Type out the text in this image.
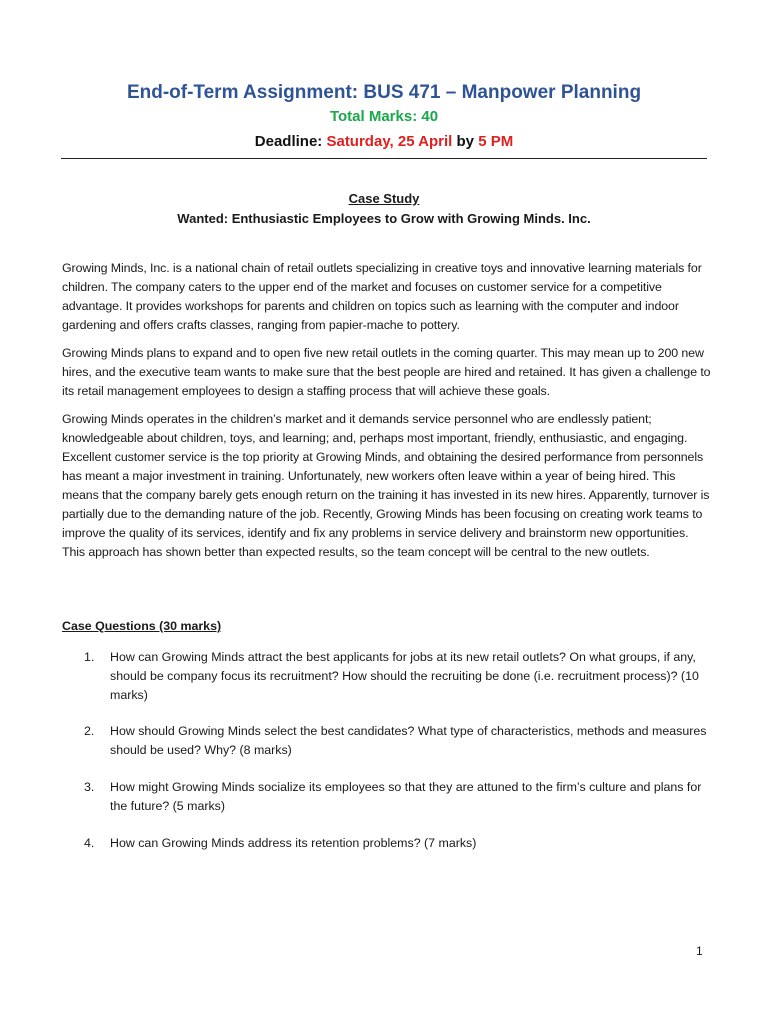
End-of-Term Assignment: BUS 471 – Manpower Planning
Total Marks: 40
Deadline: Saturday, 25 April by 5 PM
Case Study
Wanted: Enthusiastic Employees to Grow with Growing Minds. Inc.
Growing Minds, Inc. is a national chain of retail outlets specializing in creative toys and innovative learning materials for children. The company caters to the upper end of the market and focuses on customer service for a competitive advantage. It provides workshops for parents and children on topics such as learning with the computer and indoor gardening and offers crafts classes, ranging from papier-mache to pottery.
Growing Minds plans to expand and to open five new retail outlets in the coming quarter. This may mean up to 200 new hires, and the executive team wants to make sure that the best people are hired and retained. It has given a challenge to its retail management employees to design a staffing process that will achieve these goals.
Growing Minds operates in the children’s market and it demands service personnel who are endlessly patient; knowledgeable about children, toys, and learning; and, perhaps most important, friendly, enthusiastic, and engaging. Excellent customer service is the top priority at Growing Minds, and obtaining the desired performance from personnels has meant a major investment in training. Unfortunately, new workers often leave within a year of being hired. This means that the company barely gets enough return on the training it has invested in its new hires. Apparently, turnover is partially due to the demanding nature of the job. Recently, Growing Minds has been focusing on creating work teams to improve the quality of its services, identify and fix any problems in service delivery and brainstorm new opportunities. This approach has shown better than expected results, so the team concept will be central to the new outlets.
Case Questions (30 marks)
1.	How can Growing Minds attract the best applicants for jobs at its new retail outlets? On what groups, if any, should be company focus its recruitment? How should the recruiting be done (i.e. recruitment process)? (10 marks)
2.	How should Growing Minds select the best candidates? What type of characteristics, methods and measures should be used? Why? (8 marks)
3.	How might Growing Minds socialize its employees so that they are attuned to the firm’s culture and plans for the future? (5 marks)
4.	How can Growing Minds address its retention problems? (7 marks)
1
